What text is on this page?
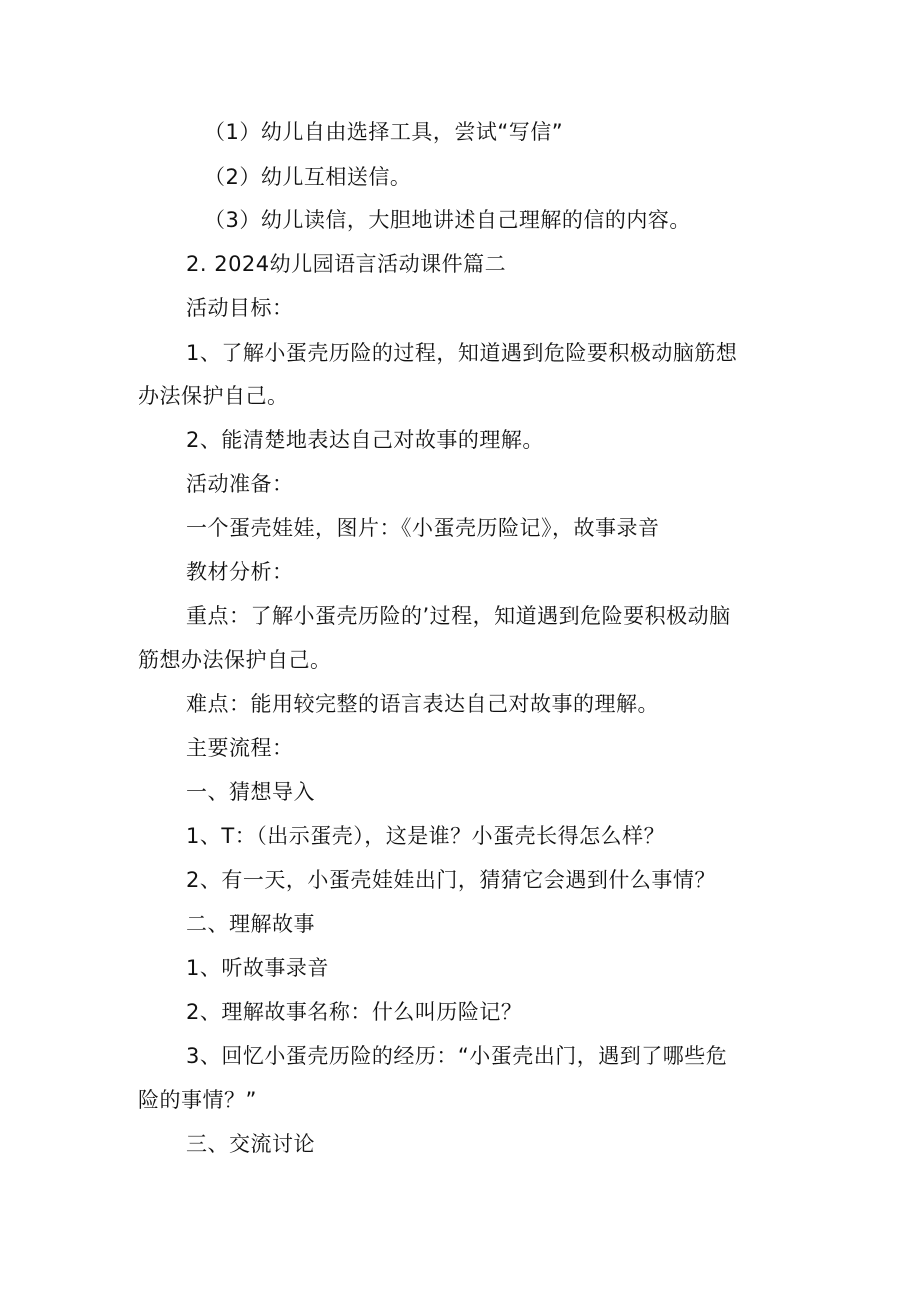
（1）幼儿自由选择工具，尝试“写信”
（2）幼儿互相送信。
（3）幼儿读信，大胆地讲述自己理解的信的内容。
2. 2024幼儿园语言活动课件篇二
活动目标：
1、了解小蛋壳历险的过程，知道遇到危险要积极动脑筋想
办法保护自己。
2、能清楚地表达自己对故事的理解。
活动准备：
一个蛋壳娃娃，图片：《小蛋壳历险记》，故事录音
教材分析：
重点：了解小蛋壳历险的’过程，知道遇到危险要积极动脑
筋想办法保护自己。
难点：能用较完整的语言表达自己对故事的理解。
主要流程：
一、猜想导入
1、T：（出示蛋壳），这是谁？小蛋壳长得怎么样？
2、有一天，小蛋壳娃娃出门，猜猜它会遇到什么事情？
二、理解故事
1、听故事录音
2、理解故事名称：什么叫历险记？
3、回忆小蛋壳历险的经历：“小蛋壳出门，遇到了哪些危
险的事情？”
三、交流讨论
